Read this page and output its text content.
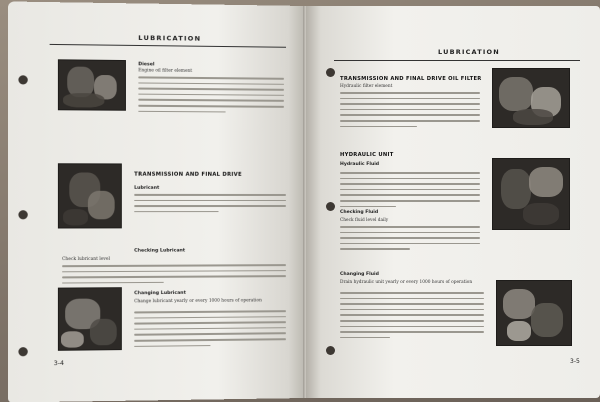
LUBRICATION
Diesel
Engine oil filter element
TRANSMISSION AND FINAL DRIVE
Lubricant
Checking Lubricant
Check lubricant level
Changing Lubricant
Change lubricant yearly or every 1000 hours of operation
3-4
LUBRICATION
TRANSMISSION AND FINAL DRIVE OIL FILTER
Hydraulic filter element
HYDRAULIC UNIT
Hydraulic Fluid
Checking Fluid
Check fluid level daily
Changing Fluid
Drain hydraulic unit yearly or every 1000 hours of operation
3-5
